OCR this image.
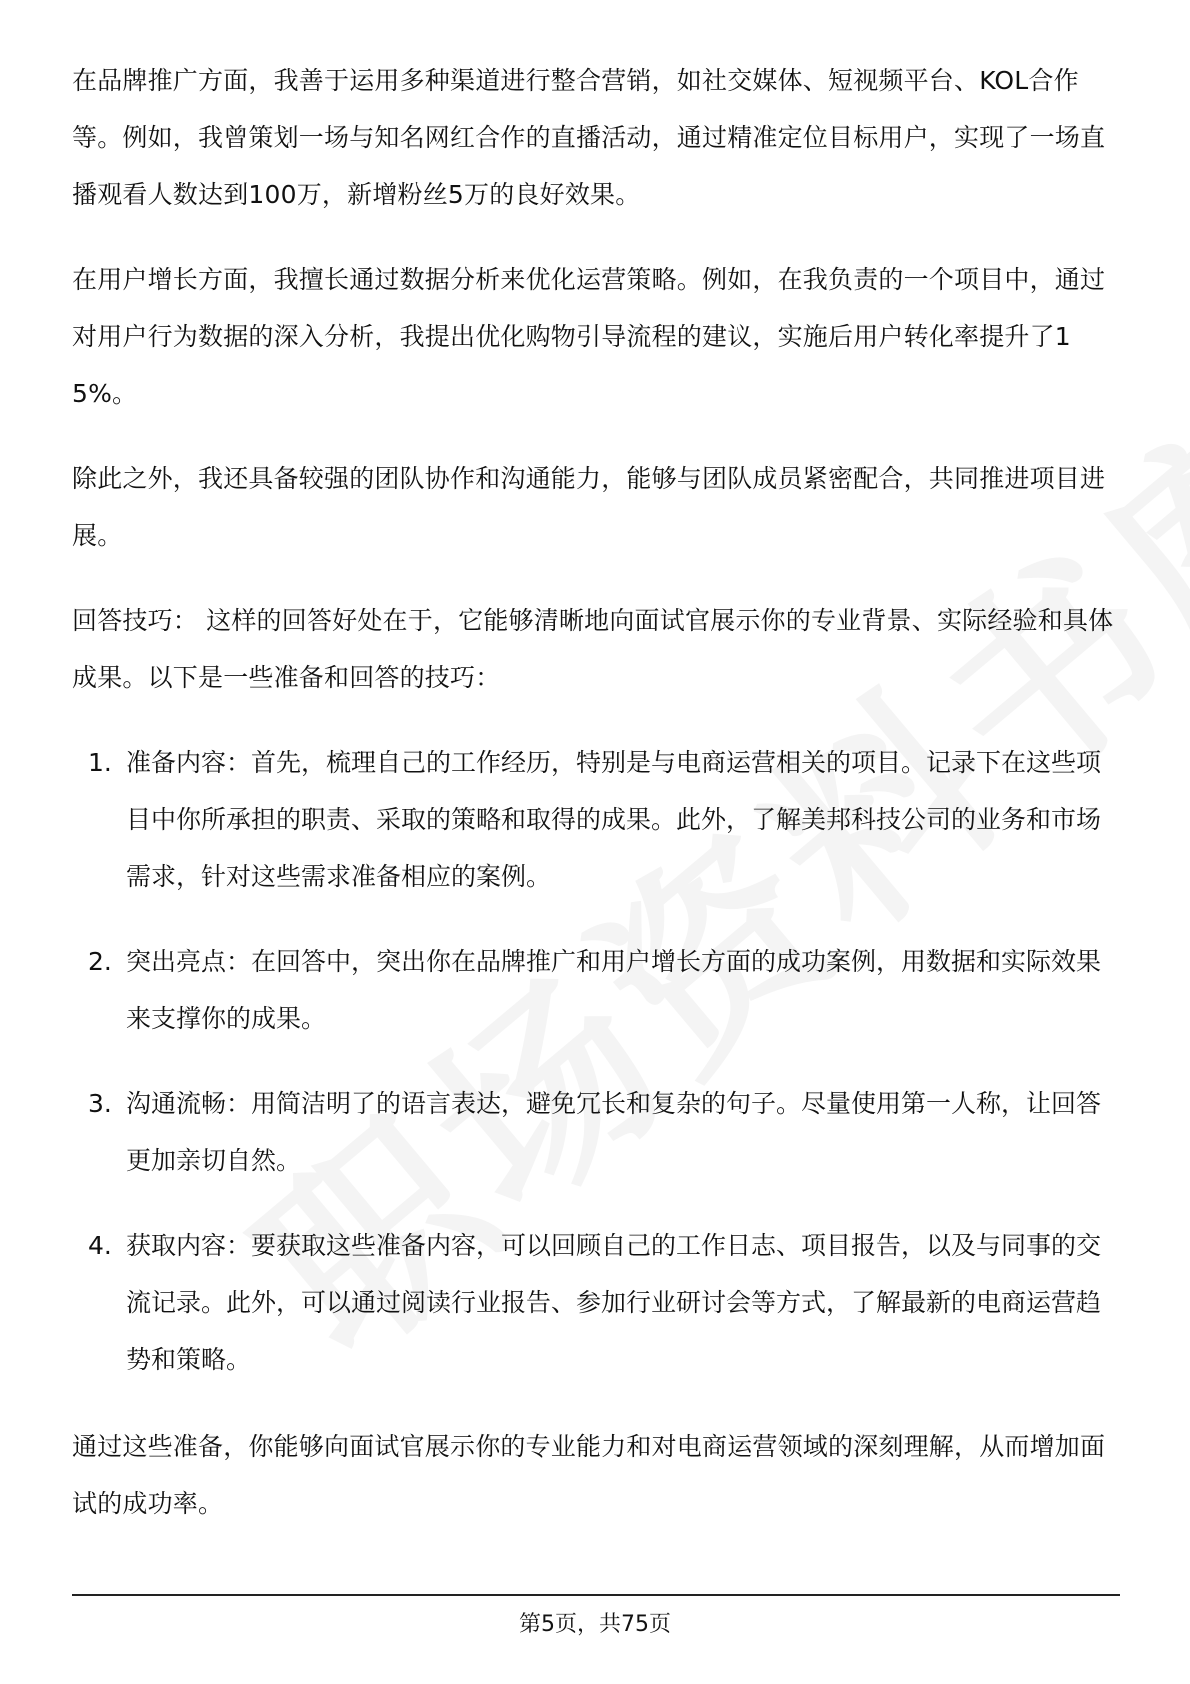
在品牌推广方面，我善于运用多种渠道进行整合营销，如社交媒体、短视频平台、KOL合作等。例如，我曾策划一场与知名网红合作的直播活动，通过精准定位目标用户，实现了一场直播观看人数达到100万，新增粉丝5万的良好效果。

在用户增长方面，我擅长通过数据分析来优化运营策略。例如，在我负责的一个项目中，通过对用户行为数据的深入分析，我提出优化购物引导流程的建议，实施后用户转化率提升了15%。

除此之外，我还具备较强的团队协作和沟通能力，能够与团队成员紧密配合，共同推进项目进展。

回答技巧： 这样的回答好处在于，它能够清晰地向面试官展示你的专业背景、实际经验和具体成果。以下是一些准备和回答的技巧：

1. 准备内容：首先，梳理自己的工作经历，特别是与电商运营相关的项目。记录下在这些项目中你所承担的职责、采取的策略和取得的成果。此外，了解美邦科技公司的业务和市场需求，针对这些需求准备相应的案例。
2. 突出亮点：在回答中，突出你在品牌推广和用户增长方面的成功案例，用数据和实际效果来支撑你的成果。
3. 沟通流畅：用简洁明了的语言表达，避免冗长和复杂的句子。尽量使用第一人称，让回答更加亲切自然。
4. 获取内容：要获取这些准备内容，可以回顾自己的工作日志、项目报告，以及与同事的交流记录。此外，可以通过阅读行业报告、参加行业研讨会等方式，了解最新的电商运营趋势和策略。

通过这些准备，你能够向面试官展示你的专业能力和对电商运营领域的深刻理解，从而增加面试的成功率。

第5页，共75页
